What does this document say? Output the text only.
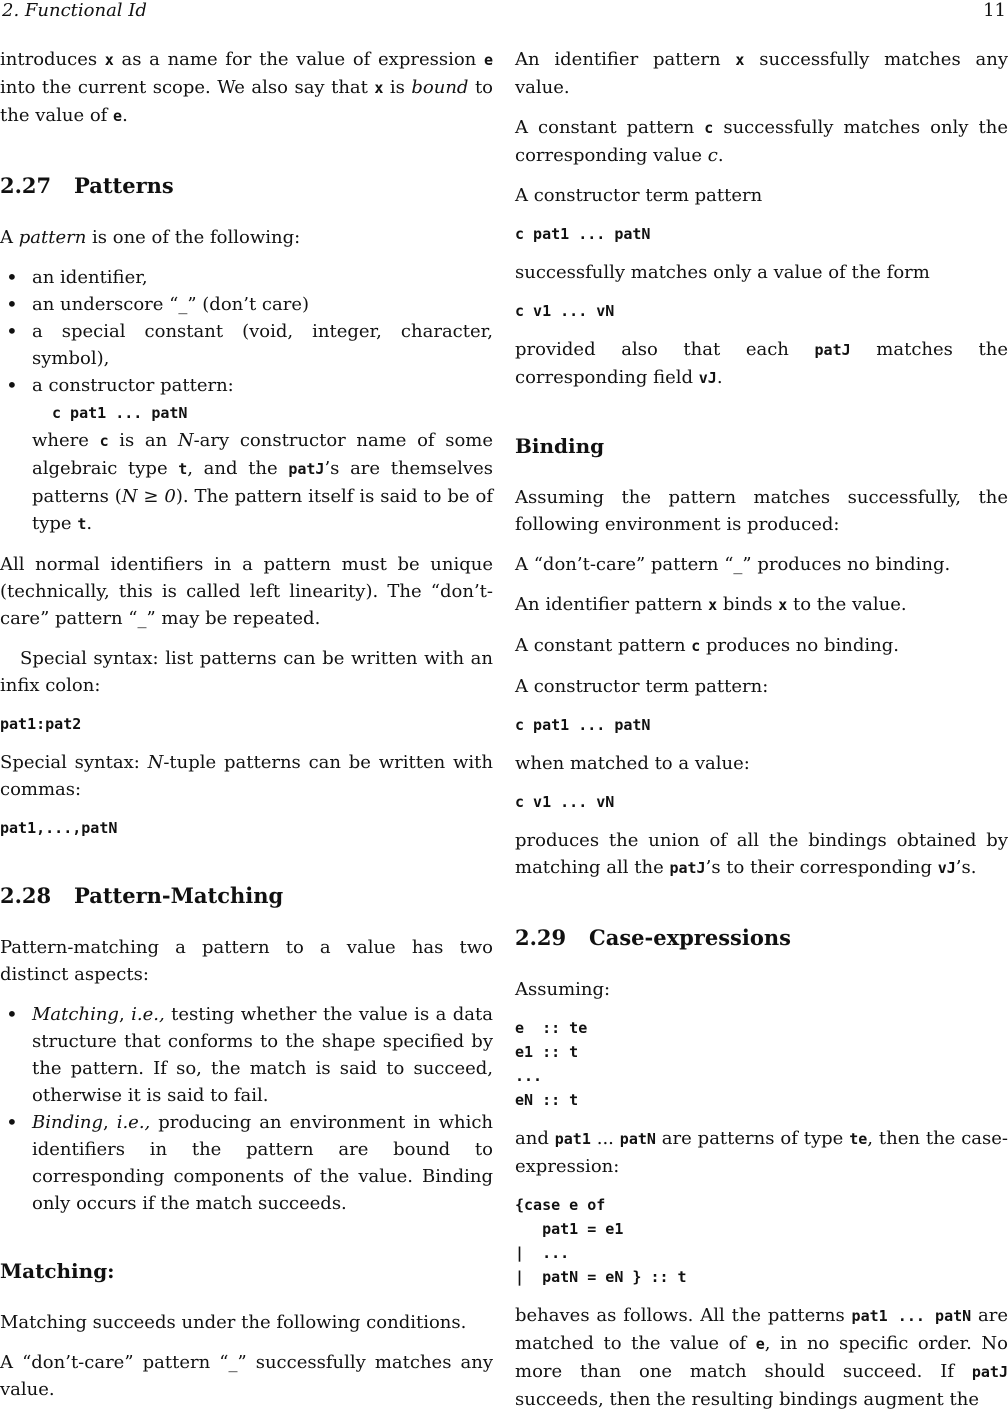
2. Functional Id	11

introduces x as a name for the value of expression e into the current scope. We also say that x is bound to the value of e.

2.27 Patterns

A pattern is one of the following:

• an identifier,
• an underscore “_” (don’t care)
• a special constant (void, integer, character, symbol),
• a constructor pattern:
c pat1 ... patN
where c is an N-ary constructor name of some algebraic type t, and the patJ’s are themselves patterns (N ≥ 0). The pattern itself is said to be of type t.

All normal identifiers in a pattern must be unique (technically, this is called left linearity). The “don’t-care” pattern “_” may be repeated.

Special syntax: list patterns can be written with an infix colon:

pat1:pat2

Special syntax: N-tuple patterns can be written with commas:

pat1,...,patN
2.28 Pattern-Matching

Pattern-matching a pattern to a value has two distinct aspects:

• Matching, i.e., testing whether the value is a data structure that conforms to the shape specified by the pattern. If so, the match is said to succeed, otherwise it is said to fail.
• Binding, i.e., producing an environment in which identifiers in the pattern are bound to corresponding components of the value. Binding only occurs if the match succeeds.
Matching:

Matching succeeds under the following conditions.

A “don’t-care” pattern “_” successfully matches any value.

An identifier pattern x successfully matches any value.

A constant pattern c successfully matches only the corresponding value c.

A constructor term pattern

c pat1 ... patN

successfully matches only a value of the form

c v1 ... vN

provided also that each patJ matches the corresponding field vJ.

Binding

Assuming the pattern matches successfully, the following environment is produced:

A “don’t-care” pattern “_” produces no binding.

An identifier pattern x binds x to the value.

A constant pattern c produces no binding.

A constructor term pattern:

c pat1 ... patN

when matched to a value:

c v1 ... vN

produces the union of all the bindings obtained by matching all the patJ’s to their corresponding vJ’s.

2.29 Case-expressions

Assuming:

e  :: te
e1 :: t
...
eN :: t

and pat1 ... patN are patterns of type te, then the case-expression:

{case e of
pat1 = e1
|  ...
|  patN = eN } :: t

behaves as follows. All the patterns pat1 ... patN are matched to the value of e, in no specific order. No more than one match should succeed. If patJ succeeds, then the resulting bindings augment the
